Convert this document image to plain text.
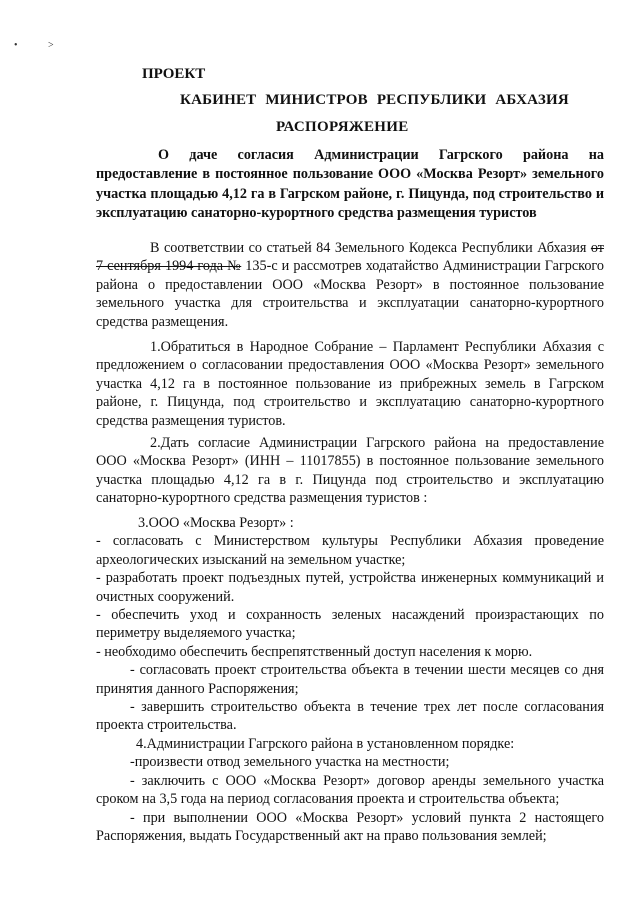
• ˃
ПРОЕКТ
КАБИНЕТ МИНИСТРОВ РЕСПУБЛИКИ АБХАЗИЯ
РАСПОРЯЖЕНИЕ
О даче согласия Администрации Гагрского района на предоставление в постоянное пользование ООО «Москва Резорт» земельного участка площадью 4,12 га в Гагрском районе, г. Пицунда, под строительство и эксплуатацию санаторно-курортного средства размещения туристов
В соответствии со статьей 84 Земельного Кодекса Республики Абхазия от 7 сентября 1994 года № 135-с и рассмотрев ходатайство Администрации Гагрского района о предоставлении ООО «Москва Резорт» в постоянное пользование земельного участка для строительства и эксплуатации санаторно-курортного средства размещения.
1.Обратиться в Народное Собрание – Парламент Республики Абхазия с предложением о согласовании предоставления ООО «Москва Резорт» земельного участка 4,12 га в постоянное пользование из прибрежных земель в Гагрском районе, г. Пицунда, под строительство и эксплуатацию санаторно-курортного средства размещения туристов.
2.Дать согласие Администрации Гагрского района на предоставление ООО «Москва Резорт» (ИНН – 11017855) в постоянное пользование земельного участка площадью 4,12 га в г. Пицунда под строительство и эксплуатацию санаторно-курортного средства размещения туристов :
3.ООО «Москва Резорт» :
- согласовать с Министерством культуры Республики Абхазия проведение археологических изысканий на земельном участке;
- разработать проект подъездных путей, устройства инженерных коммуникаций и очистных сооружений.
- обеспечить уход и сохранность зеленых насаждений произрастающих по периметру выделяемого участка;
- необходимо обеспечить беспрепятственный доступ населения к морю.
- согласовать проект строительства объекта в течении шести месяцев со дня принятия данного Распоряжения;
- завершить строительство объекта в течение трех лет после согласования проекта строительства.
4.Администрации Гагрского района в установленном порядке:
-произвести отвод земельного участка на местности;
- заключить с ООО «Москва Резорт» договор аренды земельного участка сроком на 3,5 года на период согласования проекта и строительства объекта;
- при выполнении ООО «Москва Резорт» условий пункта 2 настоящего Распоряжения, выдать Государственный акт на право пользования землей;
